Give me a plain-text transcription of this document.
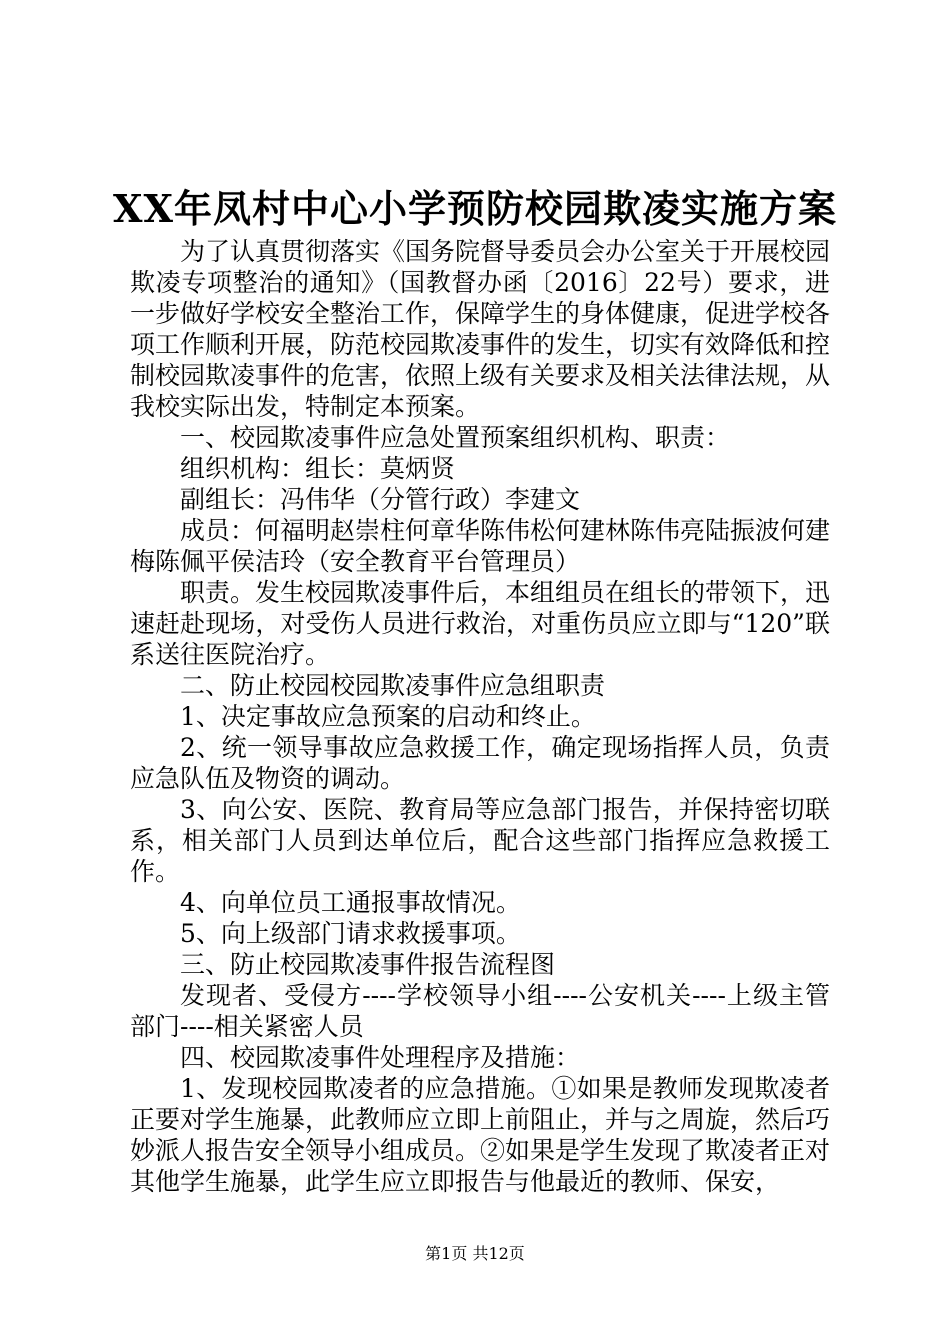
XX年凤村中心小学预防校园欺凌实施方案

为了认真贯彻落实《国务院督导委员会办公室关于开展校园欺凌专项整治的通知》（国教督办函〔2016〕22号）要求，进一步做好学校安全整治工作，保障学生的身体健康，促进学校各项工作顺利开展，防范校园欺凌事件的发生，切实有效降低和控制校园欺凌事件的危害，依照上级有关要求及相关法律法规，从我校实际出发，特制定本预案。

一、校园欺凌事件应急处置预案组织机构、职责：

组织机构：组长：莫炳贤

副组长：冯伟华（分管行政）李建文

成员：何福明赵崇柱何章华陈伟松何建林陈伟亮陆振波何建梅陈佩平侯洁玲（安全教育平台管理员）

职责。发生校园欺凌事件后，本组组员在组长的带领下，迅速赶赴现场，对受伤人员进行救治，对重伤员应立即与“120”联系送往医院治疗。

二、防止校园校园欺凌事件应急组职责

1、决定事故应急预案的启动和终止。

2、统一领导事故应急救援工作，确定现场指挥人员，负责应急队伍及物资的调动。

3、向公安、医院、教育局等应急部门报告，并保持密切联系，相关部门人员到达单位后，配合这些部门指挥应急救援工作。

4、向单位员工通报事故情况。

5、向上级部门请求救援事项。

三、防止校园欺凌事件报告流程图

发现者、受侵方----学校领导小组----公安机关----上级主管部门----相关紧密人员

四、校园欺凌事件处理程序及措施：

1、发现校园欺凌者的应急措施。①如果是教师发现欺凌者正要对学生施暴，此教师应立即上前阻止，并与之周旋，然后巧妙派人报告安全领导小组成员。②如果是学生发现了欺凌者正对其他学生施暴，此学生应立即报告与他最近的教师、保安，

第1页 共12页
